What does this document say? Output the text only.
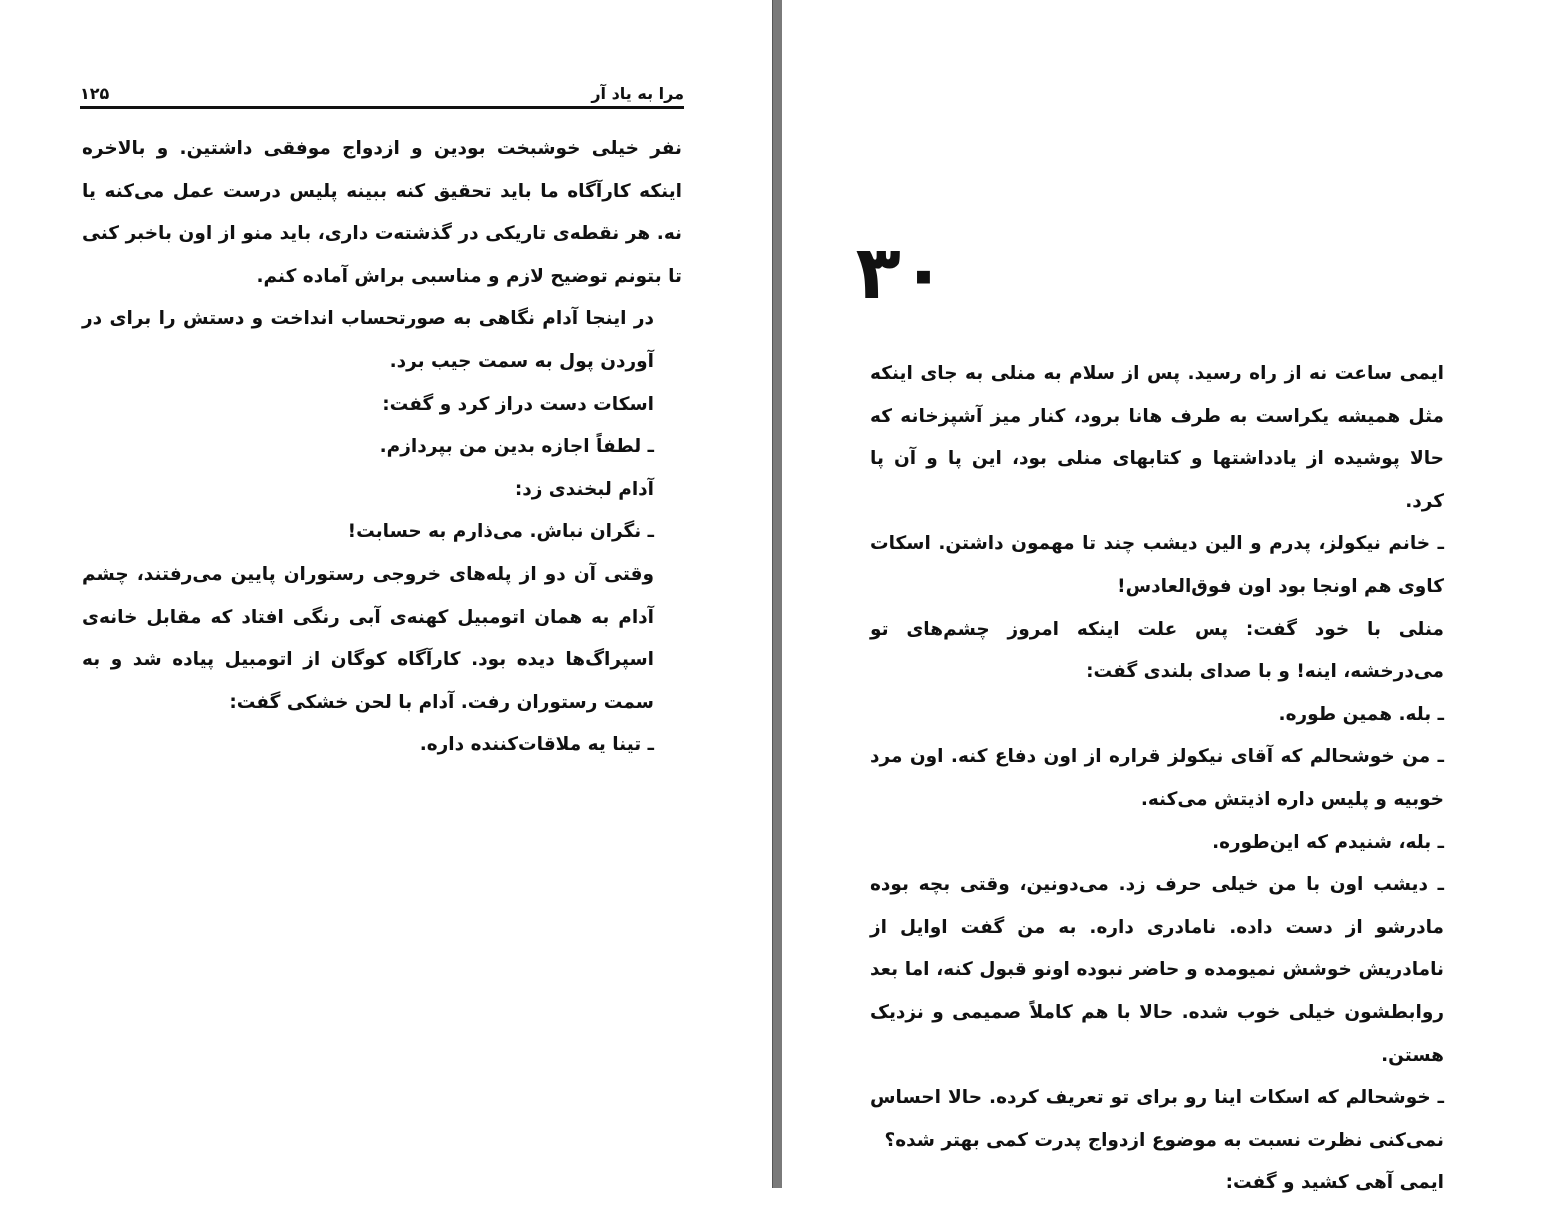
مرا به یاد آر
۱۲۵

نفر خیلی خوشبخت بودین و ازدواج موفقی داشتین. و بالاخره اینکه کارآگاه ما باید تحقیق کنه ببینه پلیس درست عمل می‌کنه یا نه. هر نقطه‌ی تاریکی در گذشته‌ت داری، باید منو از اون باخبر کنی تا بتونم توضیح لازم و مناسبی براش آماده کنم.

در اینجا آدام نگاهی به صورتحساب انداخت و دستش را برای در آوردن پول به سمت جیب برد.

اسکات دست دراز کرد و گفت:

ـ لطفاً اجازه بدین من بپردازم.

آدام لبخندی زد:

ـ نگران نباش. می‌ذارم به حسابت!

وقتی آن دو از پله‌های خروجی رستوران پایین می‌رفتند، چشم آدام به همان اتومبیل کهنه‌ی آبی رنگی افتاد که مقابل خانه‌ی اسپراگ‌ها دیده بود. کارآگاه کوگان از اتومبیل پیاده شد و به سمت رستوران رفت. آدام با لحن خشکی گفت:

ـ تینا یه ملاقات‌کننده داره.

۳۰

ایمی ساعت نه از راه رسید. پس از سلام به منلی به جای اینکه مثل همیشه یکراست به طرف هانا برود، کنار میز آشپزخانه که حالا پوشیده از یادداشتها و کتابهای منلی بود، این پا و آن پا کرد.

ـ خانم نیکولز، پدرم و الین دیشب چند تا مهمون داشتن. اسکات کاوی هم اونجا بود اون فوق‌العادس!

منلی با خود گفت: پس علت اینکه امروز چشم‌های تو می‌درخشه، اینه! و با صدای بلندی گفت:

ـ بله. همین طوره.

ـ من خوشحالم که آقای نیکولز قراره از اون دفاع کنه. اون مرد خوبیه و پلیس داره اذیتش می‌کنه.

ـ بله، شنیدم که این‌طوره.

ـ دیشب اون با من خیلی حرف زد. می‌دونین، وقتی بچه بوده مادرشو از دست داده. نامادری داره. به من گفت اوایل از نامادریش خوشش نمیومده و حاضر نبوده اونو قبول کنه، اما بعد روابطشون خیلی خوب شده. حالا با هم کاملاً صمیمی و نزدیک هستن.

ـ خوشحالم که اسکات اینا رو برای تو تعریف کرده. حالا احساس نمی‌کنی نظرت نسبت به موضوع ازدواج پدرت کمی بهتر شده؟

ایمی آهی کشید و گفت:
